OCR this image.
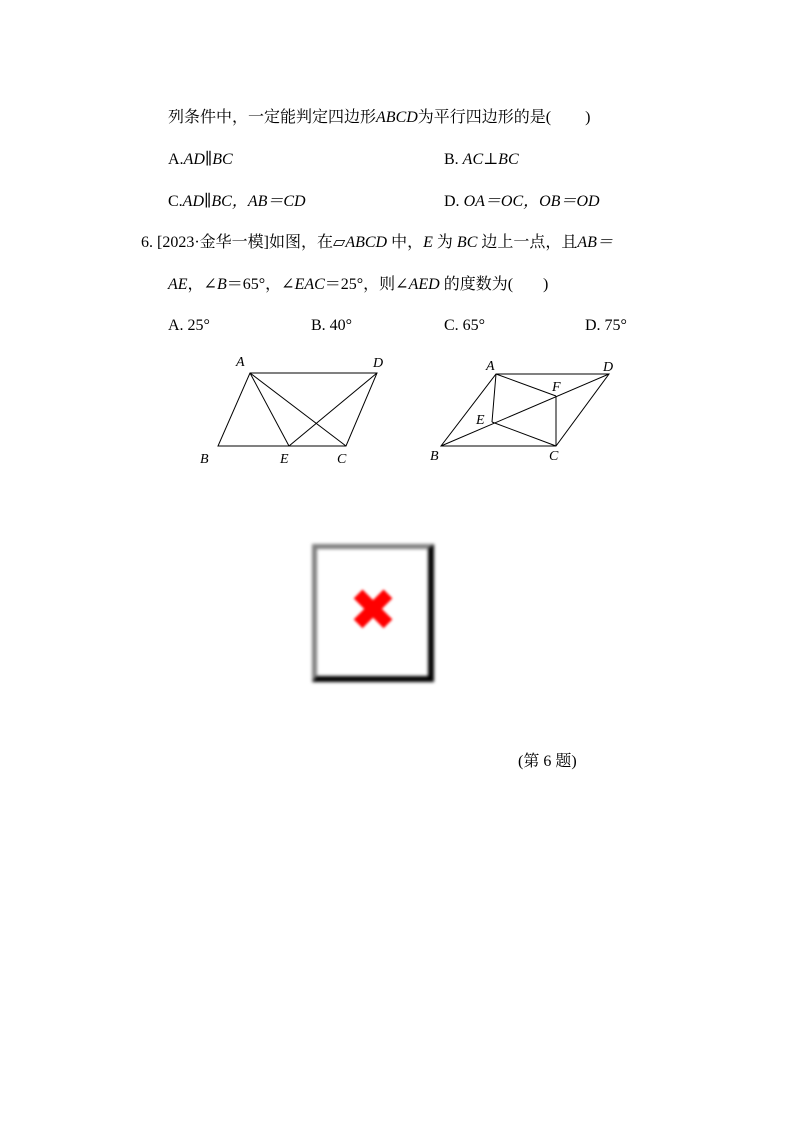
列条件中，一定能判定四边形ABCD为平行四边形的是( )
A.AD∥BC	B. AC⊥BC
C.AD∥BC，AB＝CD	D. OA＝OC，OB＝OD
6. [2023·金华一模]如图，在▱ABCD 中，E 为 BC 边上一点，且AB＝
AE，∠B＝65°，∠EAC＝25°，则∠AED 的度数为( )
A. 25°	B. 40°	C. 65°	D. 75°
A	D
B	E	C
A	D
F
E
B	C
✖
(第 6 题)
